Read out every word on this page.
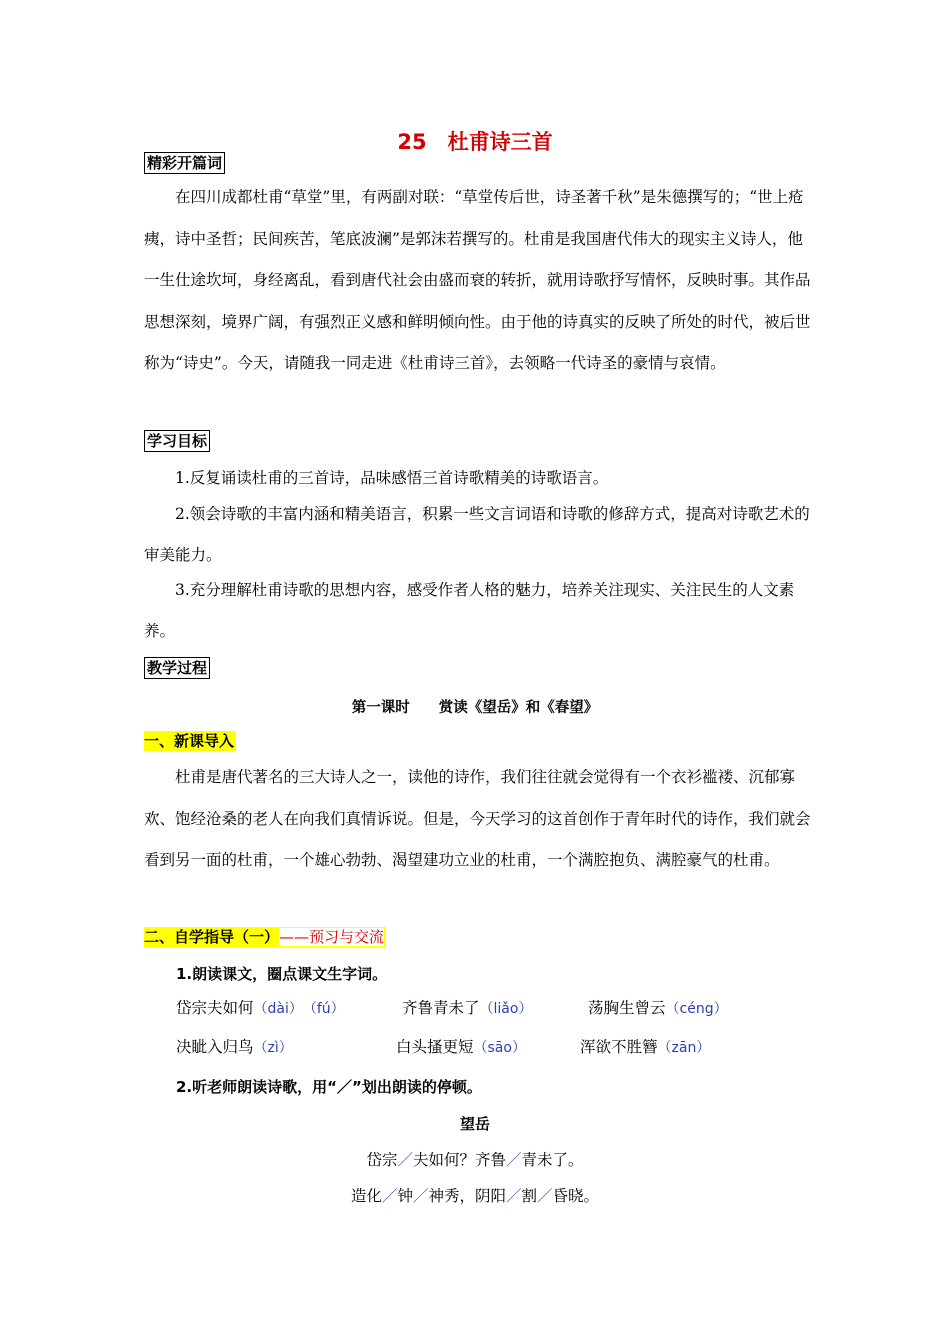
25　杜甫诗三首
精彩开篇词

在四川成都杜甫“草堂”里，有两副对联：“草堂传后世，诗圣著千秋”是朱德撰写的；“世上疮痍，诗中圣哲；民间疾苦，笔底波澜”是郭沫若撰写的。杜甫是我国唐代伟大的现实主义诗人，他一生仕途坎坷，身经离乱，看到唐代社会由盛而衰的转折，就用诗歌抒写情怀，反映时事。其作品思想深刻，境界广阔，有强烈正义感和鲜明倾向性。由于他的诗真实的反映了所处的时代，被后世称为“诗史”。今天，请随我一同走进《杜甫诗三首》，去领略一代诗圣的豪情与哀情。

学习目标

1.反复诵读杜甫的三首诗，品味感悟三首诗歌精美的诗歌语言。

2.领会诗歌的丰富内涵和精美语言，积累一些文言词语和诗歌的修辞方式，提高对诗歌艺术的审美能力。

3.充分理解杜甫诗歌的思想内容，感受作者人格的魅力，培养关注现实、关注民生的人文素养。

教学过程
第一课时　　赏读《望岳》和《春望》
一、新课导入

杜甫是唐代著名的三大诗人之一，读他的诗作，我们往往就会觉得有一个衣衫褴褛、沉郁寡欢、饱经沧桑的老人在向我们真情诉说。但是，今天学习的这首创作于青年时代的诗作，我们就会看到另一面的杜甫，一个雄心勃勃、渴望建功立业的杜甫，一个满腔抱负、满腔豪气的杜甫。

二、自学指导（一）——预习与交流
1.朗读课文，圈点课文生字词。
岱宗夫如何（dài）　（fú）	齐鲁青未了（liǎo）	荡胸生曾云（céng）
决眦入归鸟（zì）	白头搔更短（sāo）	浑欲不胜簪（zān）
2.听老师朗读诗歌，用“／”划出朗读的停顿。
望岳
岱宗／夫如何？齐鲁／青未了。
造化／钟／神秀，阴阳／割／昏晓。
